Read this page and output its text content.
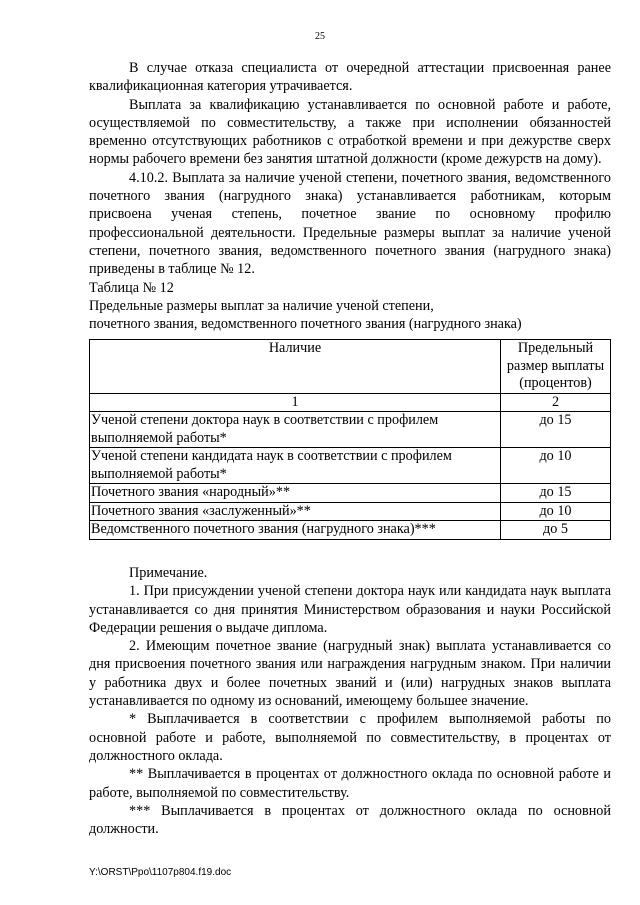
25

В случае отказа специалиста от очередной аттестации присвоенная ранее квалификационная категория утрачивается.

Выплата за квалификацию устанавливается по основной работе и работе, осуществляемой по совместительству, а также при исполнении обязанностей временно отсутствующих работников с отработкой времени и при дежурстве сверх нормы рабочего времени без занятия штатной должности (кроме дежурств на дому).

4.10.2. Выплата за наличие ученой степени, почетного звания, ведомственного почетного звания (нагрудного знака) устанавливается работникам, которым присвоена ученая степень, почетное звание по основному профилю профессиональной деятельности. Предельные размеры выплат за наличие ученой степени, почетного звания, ведомственного почетного звания (нагрудного знака) приведены в таблице № 12.

Таблица № 12

Предельные размеры выплат за наличие ученой степени,

почетного звания, ведомственного почетного звания (нагрудного знака)

Наличие	Предельный размер выплаты (процентов)
1	2
Ученой степени доктора наук в соответствии с профилем выполняемой работы*	до 15
Ученой степени кандидата наук в соответствии с профилем выполняемой работы*	до 10
Почетного звания «народный»**	до 15
Почетного звания «заслуженный»**	до 10
Ведомственного почетного звания (нагрудного знака)***	до 5

Примечание.

1. При присуждении ученой степени доктора наук или кандидата наук выплата устанавливается со дня принятия Министерством образования и науки Российской Федерации решения о выдаче диплома.

2. Имеющим почетное звание (нагрудный знак) выплата устанавливается со дня присвоения почетного звания или награждения нагрудным знаком. При наличии у работника двух и более почетных званий и (или) нагрудных знаков выплата устанавливается по одному из оснований, имеющему большее значение.

* Выплачивается в соответствии с профилем выполняемой работы по основной работе и работе, выполняемой по совместительству, в процентах от должностного оклада.

** Выплачивается в процентах от должностного оклада по основной работе и работе, выполняемой по совместительству.

*** Выплачивается в процентах от должностного оклада по основной должности.

Y:\ORST\Ppo\1107p804.f19.doc
